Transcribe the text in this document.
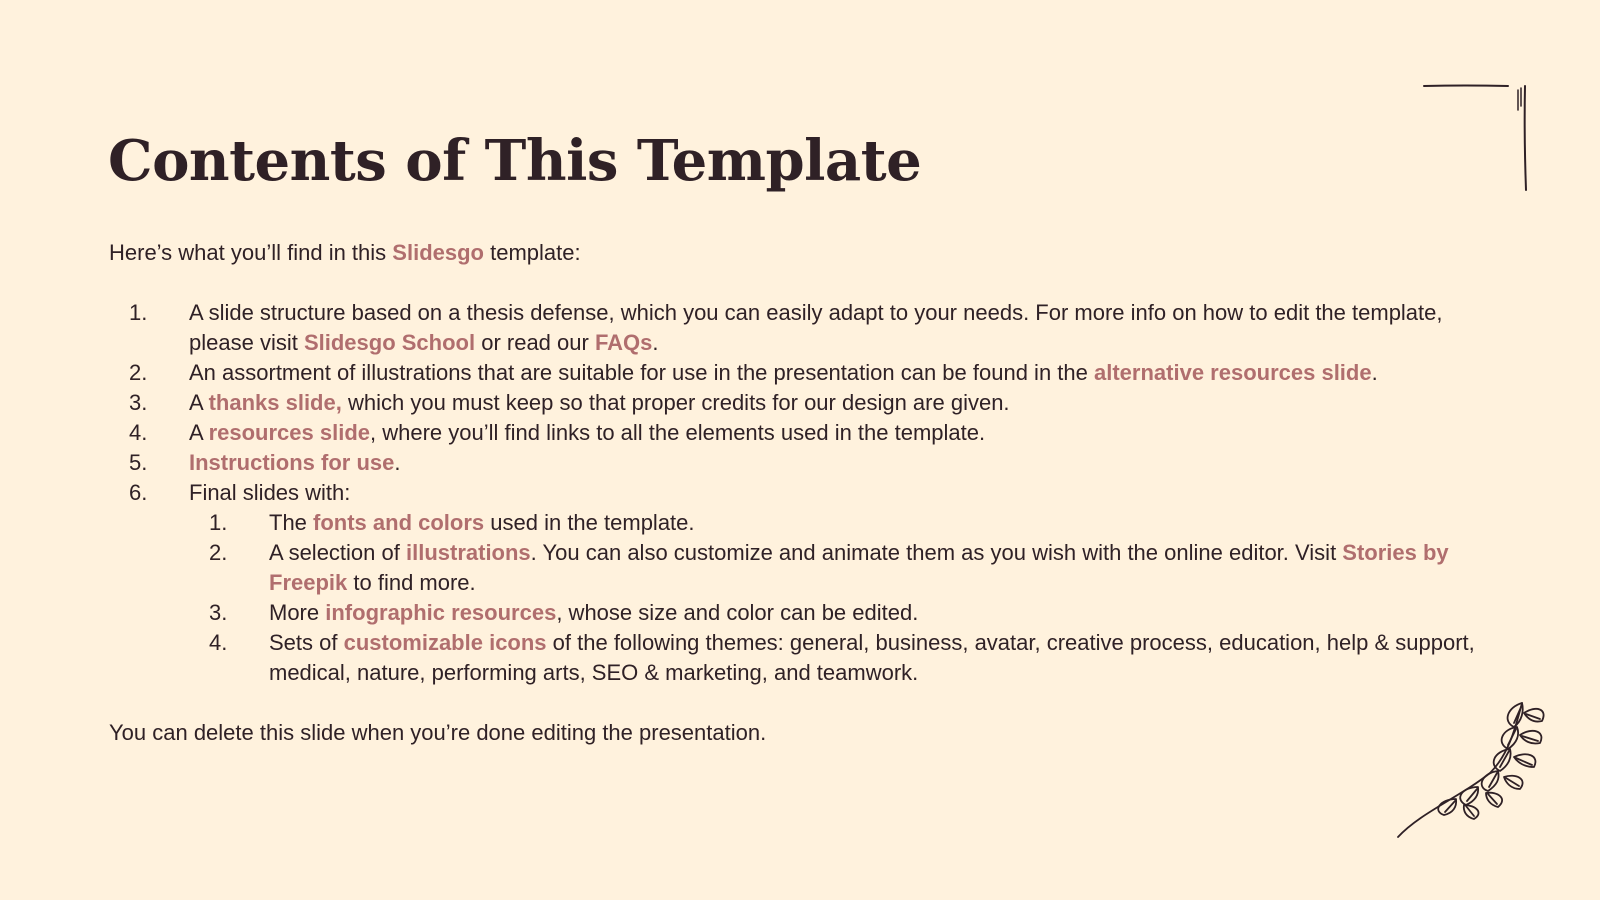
Contents of This Template

Here’s what you’ll find in this Slidesgo template:

1. A slide structure based on a thesis defense, which you can easily adapt to your needs. For more info on how to edit the template, please visit Slidesgo School or read our FAQs.
2. An assortment of illustrations that are suitable for use in the presentation can be found in the alternative resources slide.
3. A thanks slide, which you must keep so that proper credits for our design are given.
4. A resources slide, where you’ll find links to all the elements used in the template.
5. Instructions for use.
6. Final slides with:
1. The fonts and colors used in the template.
2. A selection of illustrations. You can also customize and animate them as you wish with the online editor. Visit Stories by Freepik to find more.
3. More infographic resources, whose size and color can be edited.
4. Sets of customizable icons of the following themes: general, business, avatar, creative process, education, help & support, medical, nature, performing arts, SEO & marketing, and teamwork.

You can delete this slide when you’re done editing the presentation.
